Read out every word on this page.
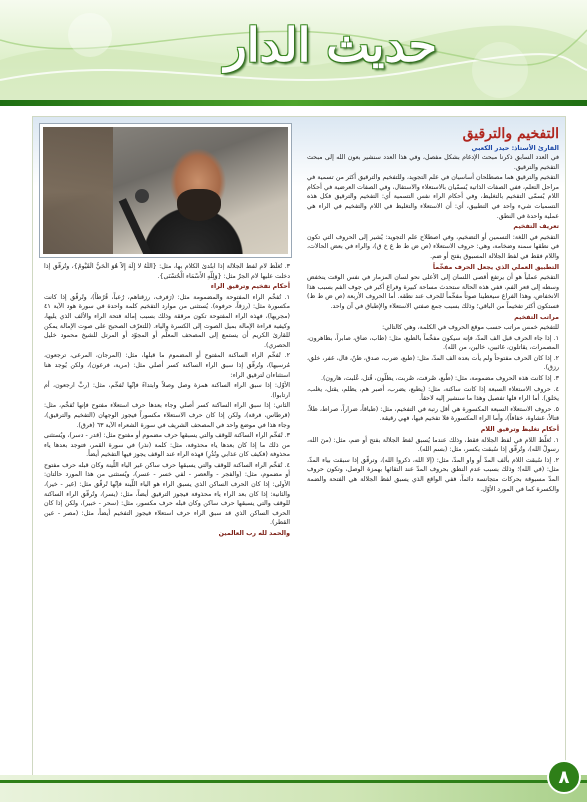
حديث الدار
التفخيم والترقيق
القارئ الأستاذ: حيدر الكعبي

في العدد السابق ذكرنا مبحث الإدغام بشكل مفصل، وفي هذا العدد سنشير بعون الله إلى مبحث التفخيم والترقيق.

التفخيم والترقيق هما مصطلحان أساسيان في علم التجويد، وللتفخيم والترقيق أكثر من تسمية في مراحل التعلم، ففي الصفات الذاتية يُسمّيان بالاستعلاء والاستفال، وفي الصفات العرضية في أحكام اللام يُسمّى التفخيم بالتغليظ، وفي أحكام الراء نفس التسمية أي: التفخيم والترقيق فكل هذه التسميات شيء واحد في التطبيق، أي: أن الاستعلاء والتغليظ في اللام والتفخيم في الراء هي عملية واحدة في النطق.

تعريف التفخيم

التفخيم في اللغة: التسمين أو التضخيم، وفي اصطلاح علم التجويد: يُشير إلى الحروف التي تكون في نطقها سمنة وضخامة، وهي: حروف الاستعلاء (ص ض ط ظ غ خ ق)، والراء في بعض الحالات، واللام فقط في لفظ الجلالة المسبوق بفتح أو ضم.

التطبيق العملي الذي يجعل الحرف مفخّماً

التفخيم عملياً هو أن يرتفع أقصى اللسان إلى الأعلى نحو لسان المزمار في نفس الوقت ينخفض وسطه إلى قعر الفم، ففي هذه الحالة ستحدث مساحة كبيرة وفراغ أكبر في جوف الفم بسبب هذا الانخفاض، وهذا الفراغ سيعطينا صوتاً مفخّماً للحرف عند نطقه. أما الحروف الأربعة (ص ض ط ظ) فستكون أكثر تفخيماً من الباقي؛ وذلك بسبب جمع صفتي الاستعلاء والإطباق في آن واحد.

مراتب التفخيم

للتفخيم خمس مراتب حسب موقع الحروف في الكلمة، وهي كالتالي:

١. إذا جاء الحرف قبل الف المدّ، فإنه سيكون مفخّماً بالطبع، مثل: (طاب، ضاق، صابراً، بظاهرون، المصمرات، يقاتلون، غائبين، خالين، من الله).

٢. إذا كان الحرف مفتوحاً ولم يأت بعده الف المدّ، مثل: (طبع، ضرب، صدق، ظنّ، قال، غفر، خلق، رزق).

٣. إذا كانت هذه الحروف مضمومة، مثل: (طُبع، صُرفت، صُربت، يظلّون، قُتل، غُلبت، هارون).

٤. حروف الاستعلاء السبعة إذا كانت ساكنة، مثل: (يطبع، يضرب، أصبر هم، يظلم، يقتل، يغلب، يخلق). أما الراء فلها تفصيل وهذا ما سنشير إليه لاحقاً.

٥. حروف الاستعلاء السبعة المكسورة هي أقل رتبة في التفخيم، مثل: (طباقاً، ضراراً، صراط، ظلاً، قتالاً، غشاوة، خفافاً)، وأما الراء المكسورة فلا تفخيم فيها، فهي رقيقة.

أحكام تغليظ وترقيق اللام

١. تُغلّظ اللام في لفظ الجلالة فقط، وذلك عندما يُسبق لفظ الجلالة بفتح أو ضم، مثل: (منَ الله، رسولُ الله)، وتُرقّق إذا سُبقت بكسر، مثل: (بسم الله).

٢. إذا سُبقت اللام بألف المدّ أو واو المدّ، مثل: (إلا الله، ذكروا الله)، وترقّق إذا سبقت بياء المدّ، مثل: (في الله)؛ وذلك بسبب عدم النطق بحروف المدّ عند التقائها بهمزة الوصل، وتكون حروف المدّ مسبوقة بحركات متجانسة دائماً، ففي الواقع الذي يسبق لفظ الجلالة هي الفتحة والضمة والكسرة كما في المورد الأوّل.

٣. تُغلّظ لام لفظ الجلالة إذا ابتُدئ الكلام بها، مثل: {اللّهُ لا إِلَهَ إِلاَّ هُوَ الْحَيُّ الْقَيُّومُ}، وتُرقّق إذا دخلت عليها لام الجرّ مثل: {وَلِلّهِ الأَسْمَاء الْحُسْنَى}.

أحكام تفخيم وترقيق الراء

١. تُفخّم الراء المفتوحة والمضمومة مثل: (رَفرف، رزقناهم، رُعباً، قُرُطاً)، وتُرقّق إذا كانت مكسورة مثل: (رزقاً، حرفوه). يُستثنى من موارد التفخيم كلمة واحدة في سورة هود الآية ٤١ (مجريها)، فهذه الراء المفتوحة تكون مرققة وذلك بسبب إمالة فتحة الراء والألف الذي يليها، وكيفية قراءة الإمالة بميل الصوت إلى الكسرة والياء. (للتعرّف الصحيح على صوت الإمالة يمكن للقارئ الكريم أن يستمع إلى المصحف المعلّم أو المجوّد أو المرتل للشيخ محمود خليل الحصري).

٢. تُفخّم الراء الساكنة المفتوح أو المضموم ما قبلها، مثل: (المرجان، المرعى، ترجعون، مُرسيها)، وتُرقّق إذا سبق الراء الساكنة كسر أصلي مثل: (مرية، فرعون)، ولكن يُوجد هنا استثناءان لترقيق الراء:

الأوّل: إذا سبق الراء الساكنة همزة وصل وصلاً وابتداءً فإنّها تُفخّم، مثل: (ربِّ ارجعون، أم ارتابوا).

الثاني: إذا سبق الراء الساكنة كسر أصلي وجاء بعدها حرف استعلاء مفتوح فإنها تُفخّم، مثل: (قرطاس، فرقة)، ولكن إذا كان حرف الاستعلاء مكسوراً فيجوز الوجهان (التفخيم والترقيق)، وجاء هذا في موضع واحد في المصحف الشريف في سورة الشعراء الآية ٦٣ (فرق).

٣. تُفخّم الراء الساكنة للوقف والتي يسبقها حرف مضموم أو مفتوح مثل: (قدر - دسر)، ويُستثنى من ذلك ما إذا كان بعدها ياء محذوفة، مثل: كلمة (نذر) في سورة القمر، فتوجد بعدها ياء محذوفة (فكيف كان عذابي ونُذُرِ) فهذه الراء عند الوقف يجوز فيها التفخيم أيضاً.

٤. تُفخّم الراء الساكنة للوقف والتي يسبقها حرف ساكن غير الياء اللّينة وكان قبله حرف مفتوح أو مضموم، مثل: (والفجر - والعصر - لفي خسر - عسر)، ويُستثنى من هذا المورد حالتان: الأولى: إذا كان الحرف الساكن الذي يسبق الراء هو الياء اللّينة فإنّها تُرقّق مثل: (غير - خير)، والثانية: إذا كان بعد الراء ياء محذوفة فيجوز الترقيق أيضاً، مثل: (يسر)، وتُرقّق الراء الساكنة للوقف والتي يسبقها حرف ساكن وكان قبله حرف مكسور، مثل: (سحر - خبير)، ولكن إذا كان الحرف الساكن الذي قد سبق الراء حرف استعلاء فيجوز التفخيم أيضاً، مثل: (مصر - عين القطر).

والحمد لله رب العالمين

٨
